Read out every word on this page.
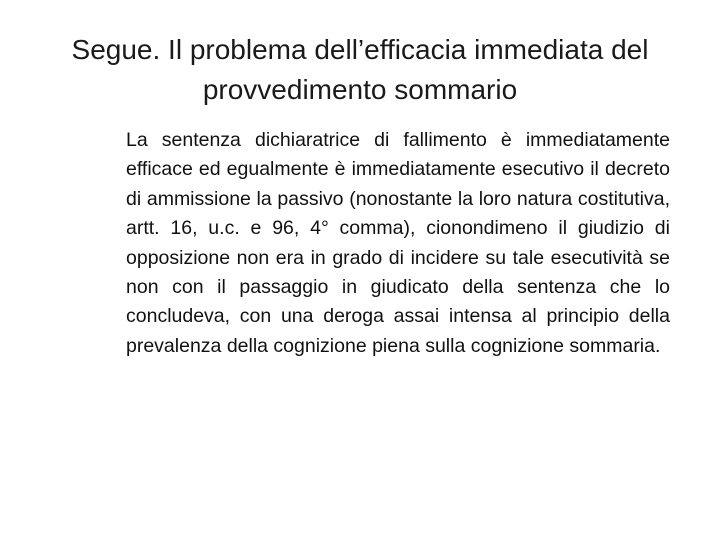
Segue. Il problema dell’efficacia immediata del provvedimento sommario

La sentenza dichiaratrice di fallimento è immediatamente efficace ed egualmente è immediatamente esecutivo il decreto di ammissione la passivo (nonostante la loro natura costitutiva, artt. 16, u.c. e 96, 4° comma), cionondimeno il giudizio di opposizione non era in grado di incidere su tale esecutività se non con il passaggio in giudicato della sentenza che lo concludeva, con una deroga assai intensa al principio della prevalenza della cognizione piena sulla cognizione sommaria.
